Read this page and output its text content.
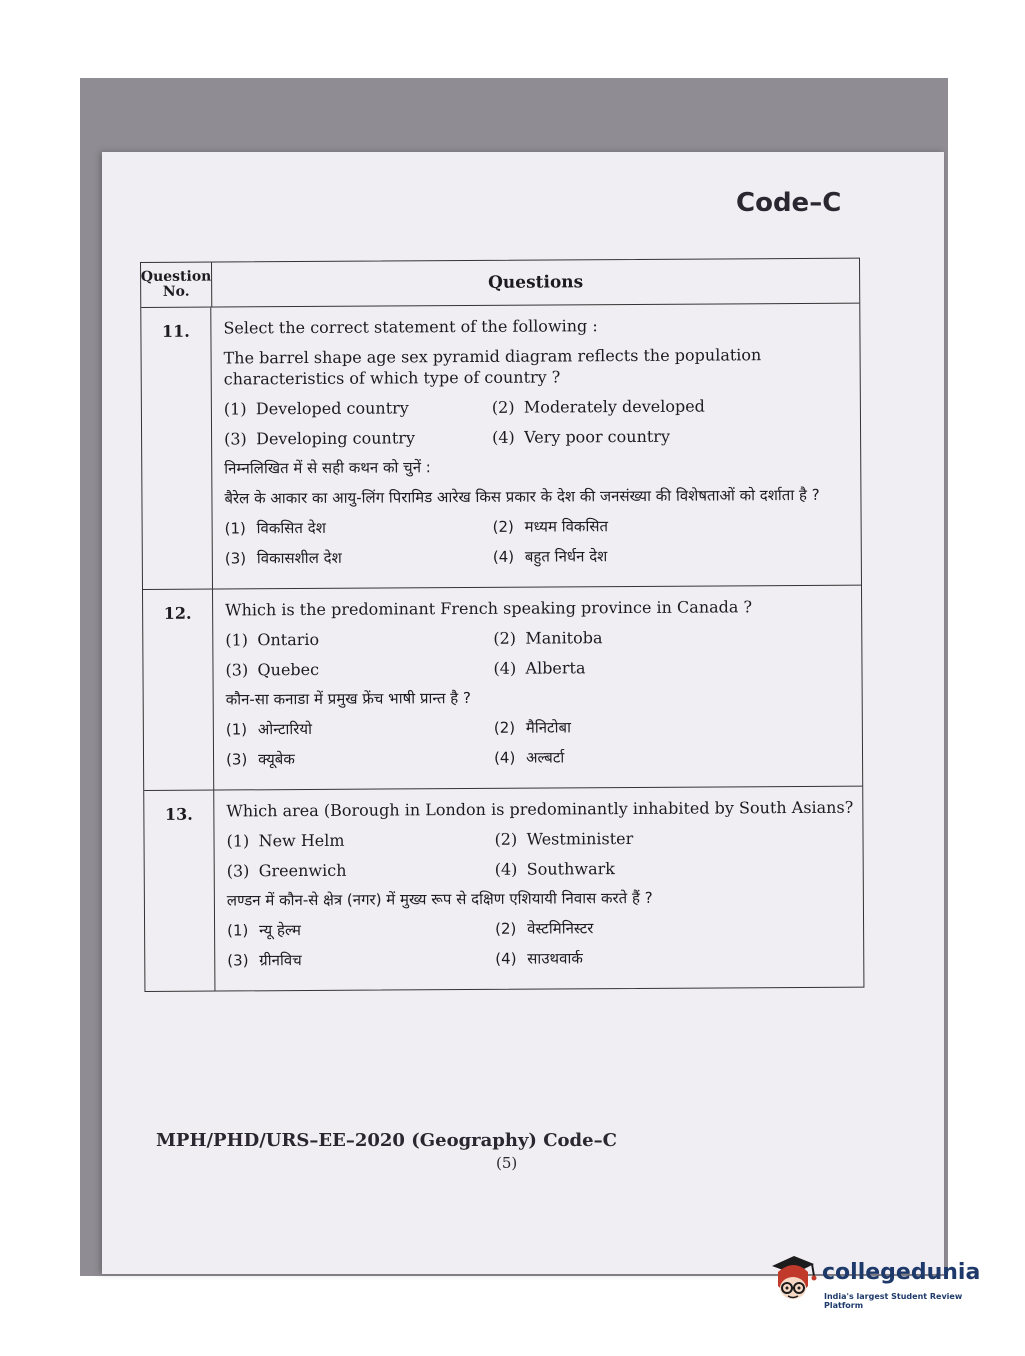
Code–C
Question No.	Questions
11.	Select the correct statement of the following :
The barrel shape age sex pyramid diagram reflects the population characteristics of which type of country ?
(1) Developed country	(2) Moderately developed
(3) Developing country	(4) Very poor country
निम्नलिखित में से सही कथन को चुनें :
बैरेल के आकार का आयु-लिंग पिरामिड आरेख किस प्रकार के देश की जनसंख्या की विशेषताओं को दर्शाता है ?
(1) विकसित देश	(2) मध्यम विकसित
(3) विकासशील देश	(4) बहुत निर्धन देश
12.	Which is the predominant French speaking province in Canada ?
(1) Ontario	(2) Manitoba
(3) Quebec	(4) Alberta
कौन-सा कनाडा में प्रमुख फ्रेंच भाषी प्रान्त है ?
(1) ओन्टारियो	(2) मैनिटोबा
(3) क्यूबेक	(4) अल्बर्टा
13.	Which area (Borough in London is predominantly inhabited by South Asians?
(1) New Helm	(2) Westminister
(3) Greenwich	(4) Southwark
लण्डन में कौन-से क्षेत्र (नगर) में मुख्य रूप से दक्षिण एशियायी निवास करते हैं ?
(1) न्यू हेल्म	(2) वेस्टमिनिस्टर
(3) ग्रीनविच	(4) साउथवार्क
MPH/PHD/URS–EE–2020 (Geography) Code–C
(5)
collegedunia
India's largest Student Review Platform
